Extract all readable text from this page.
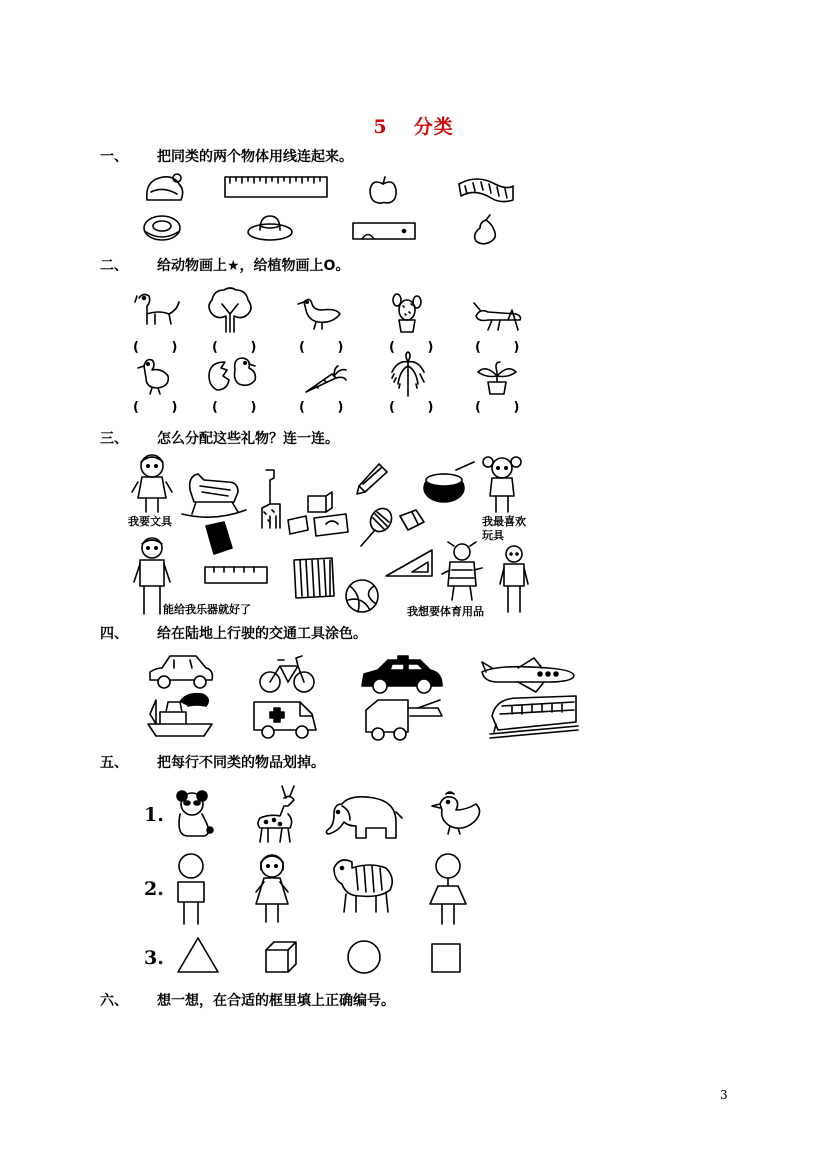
5 分类
一、 把同类的两个物体用线连起来。
二、 给动物画上★，给植物画上O。
三、 怎么分配这些礼物？连一连。
四、 给在陆地上行驶的交通工具涂色。
五、 把每行不同类的物品划掉。
六、 想一想，在合适的框里填上正确编号。
( ) ( ) ( ) ( ) ( )
( ) ( ) ( ) ( ) ( )
我要文具	我最喜欢
玩具
能给我乐器就好了	我想要体育用品
1.
2.
3.
3
